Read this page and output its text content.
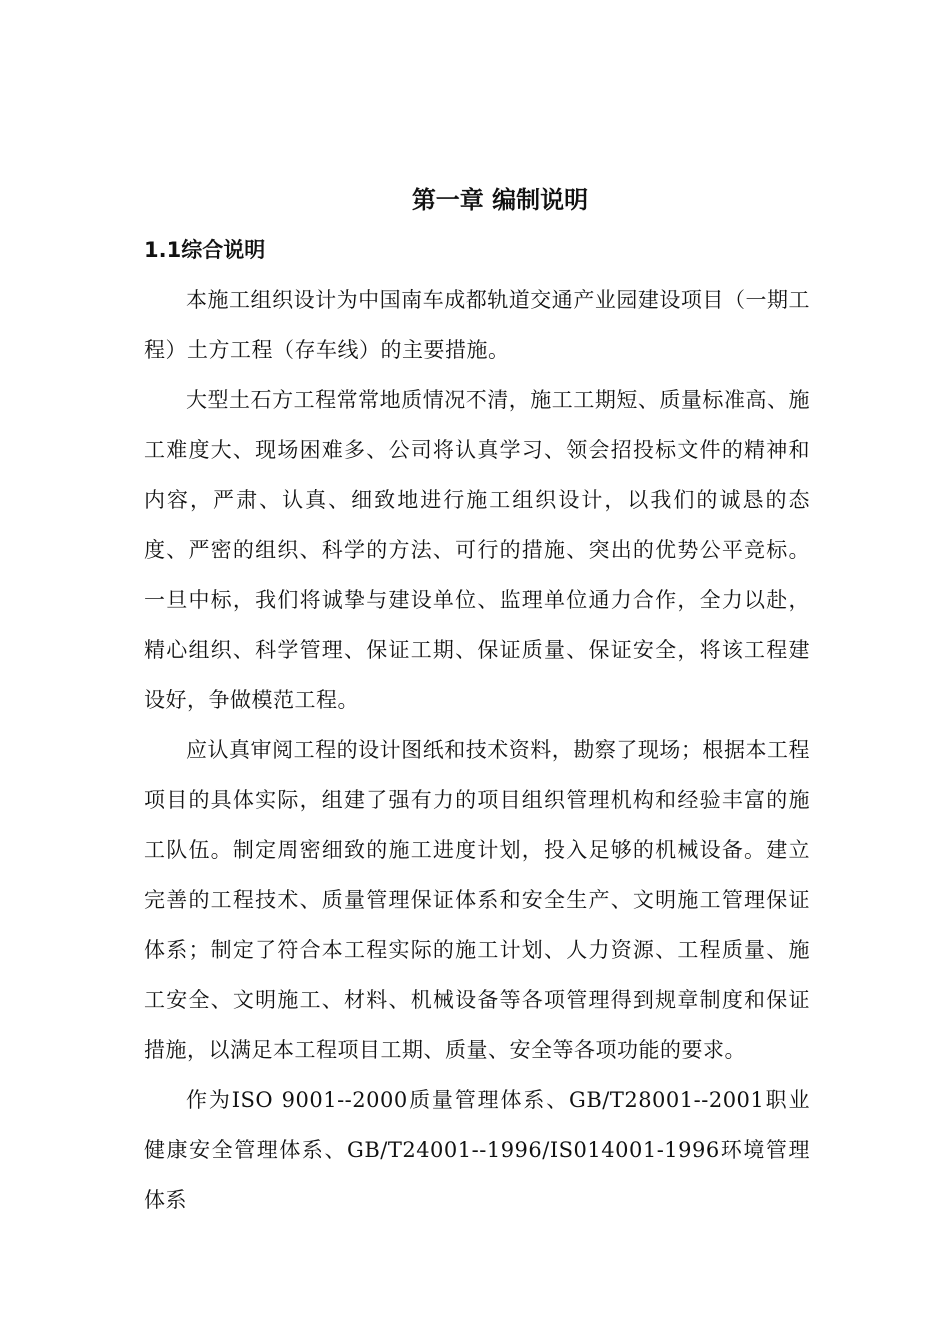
第一章 编制说明
1.1综合说明

本施工组织设计为中国南车成都轨道交通产业园建设项目（一期工程）土方工程（存车线）的主要措施。

大型土石方工程常常地质情况不清，施工工期短、质量标准高、施工难度大、现场困难多、公司将认真学习、领会招投标文件的精神和内容，严肃、认真、细致地进行施工组织设计，以我们的诚恳的态度、严密的组织、科学的方法、可行的措施、突出的优势公平竞标。一旦中标，我们将诚挚与建设单位、监理单位通力合作，全力以赴，精心组织、科学管理、保证工期、保证质量、保证安全，将该工程建设好，争做模范工程。

应认真审阅工程的设计图纸和技术资料，勘察了现场；根据本工程项目的具体实际，组建了强有力的项目组织管理机构和经验丰富的施工队伍。制定周密细致的施工进度计划，投入足够的机械设备。建立完善的工程技术、质量管理保证体系和安全生产、文明施工管理保证体系；制定了符合本工程实际的施工计划、人力资源、工程质量、施工安全、文明施工、材料、机械设备等各项管理得到规章制度和保证措施，以满足本工程项目工期、质量、安全等各项功能的要求。

作为ISO 9001--2000质量管理体系、GB/T28001--2001职业健康安全管理体系、GB/T24001--1996/IS014001-1996环境管理体系
